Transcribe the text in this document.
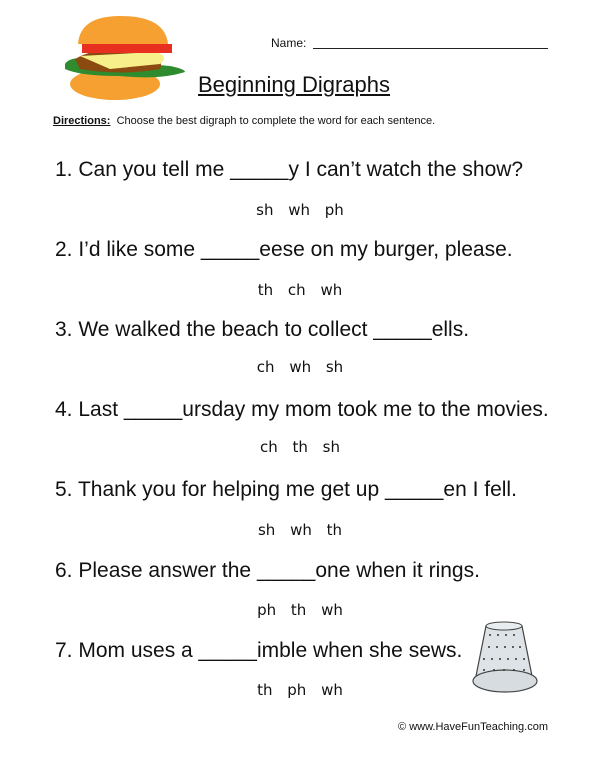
Name:
Beginning Digraphs
Directions: Choose the best digraph to complete the word for each sentence.
1. Can you tell me _____y I can’t watch the show?
sh wh ph
2. I’d like some _____eese on my burger, please.
th ch wh
3. We walked the beach to collect _____ells.
ch wh sh
4. Last _____ursday my mom took me to the movies.
ch th sh
5. Thank you for helping me get up _____en I fell.
sh wh th
6. Please answer the _____one when it rings.
ph th wh
7. Mom uses a _____imble when she sews.
th ph wh
© www.HaveFunTeaching.com
